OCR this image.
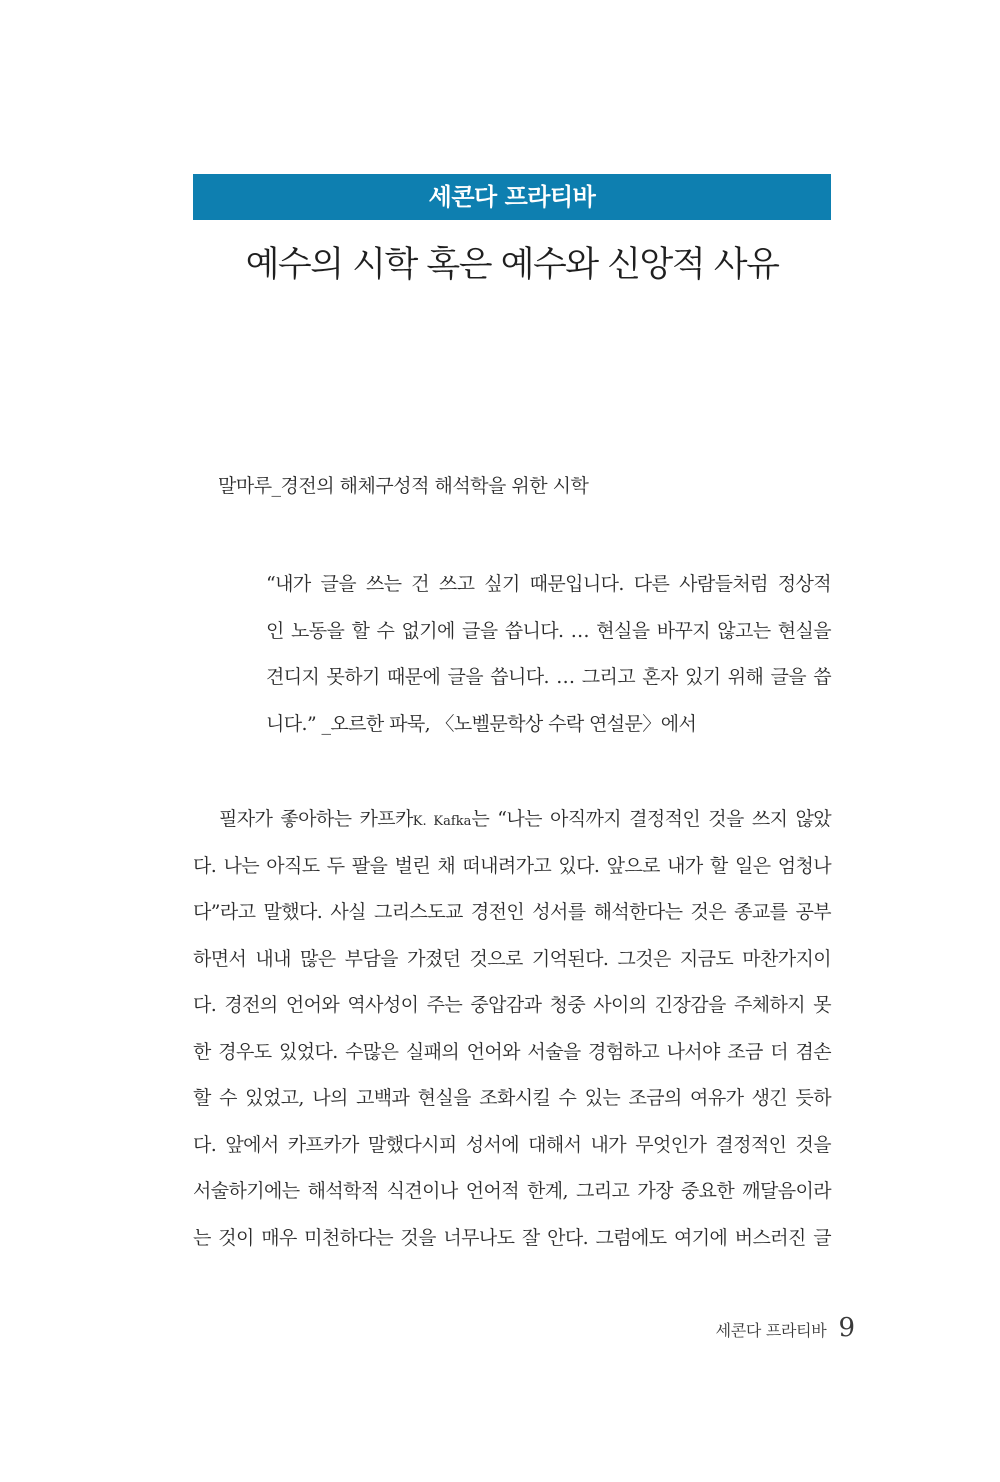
세콘다 프라티바
예수의 시학 혹은 예수와 신앙적 사유
말마루_경전의 해체구성적 해석학을 위한 시학
“내가 글을 쓰는 건 쓰고 싶기 때문입니다. 다른 사람들처럼 정상적
인 노동을 할 수 없기에 글을 씁니다. … 현실을 바꾸지 않고는 현실을
견디지 못하기 때문에 글을 씁니다. … 그리고 혼자 있기 위해 글을 씁
니다.” _오르한 파묵, 〈노벨문학상 수락 연설문〉에서
필자가 좋아하는 카프카K. Kafka는 “나는 아직까지 결정적인 것을 쓰지 않았
다. 나는 아직도 두 팔을 벌린 채 떠내려가고 있다. 앞으로 내가 할 일은 엄청나
다”라고 말했다. 사실 그리스도교 경전인 성서를 해석한다는 것은 종교를 공부
하면서 내내 많은 부담을 가졌던 것으로 기억된다. 그것은 지금도 마찬가지이
다. 경전의 언어와 역사성이 주는 중압감과 청중 사이의 긴장감을 주체하지 못
한 경우도 있었다. 수많은 실패의 언어와 서술을 경험하고 나서야 조금 더 겸손
할 수 있었고, 나의 고백과 현실을 조화시킬 수 있는 조금의 여유가 생긴 듯하
다. 앞에서 카프카가 말했다시피 성서에 대해서 내가 무엇인가 결정적인 것을
서술하기에는 해석학적 식견이나 언어적 한계, 그리고 가장 중요한 깨달음이라
는 것이 매우 미천하다는 것을 너무나도 잘 안다. 그럼에도 여기에 버스러진 글
세콘다 프라티바 9
